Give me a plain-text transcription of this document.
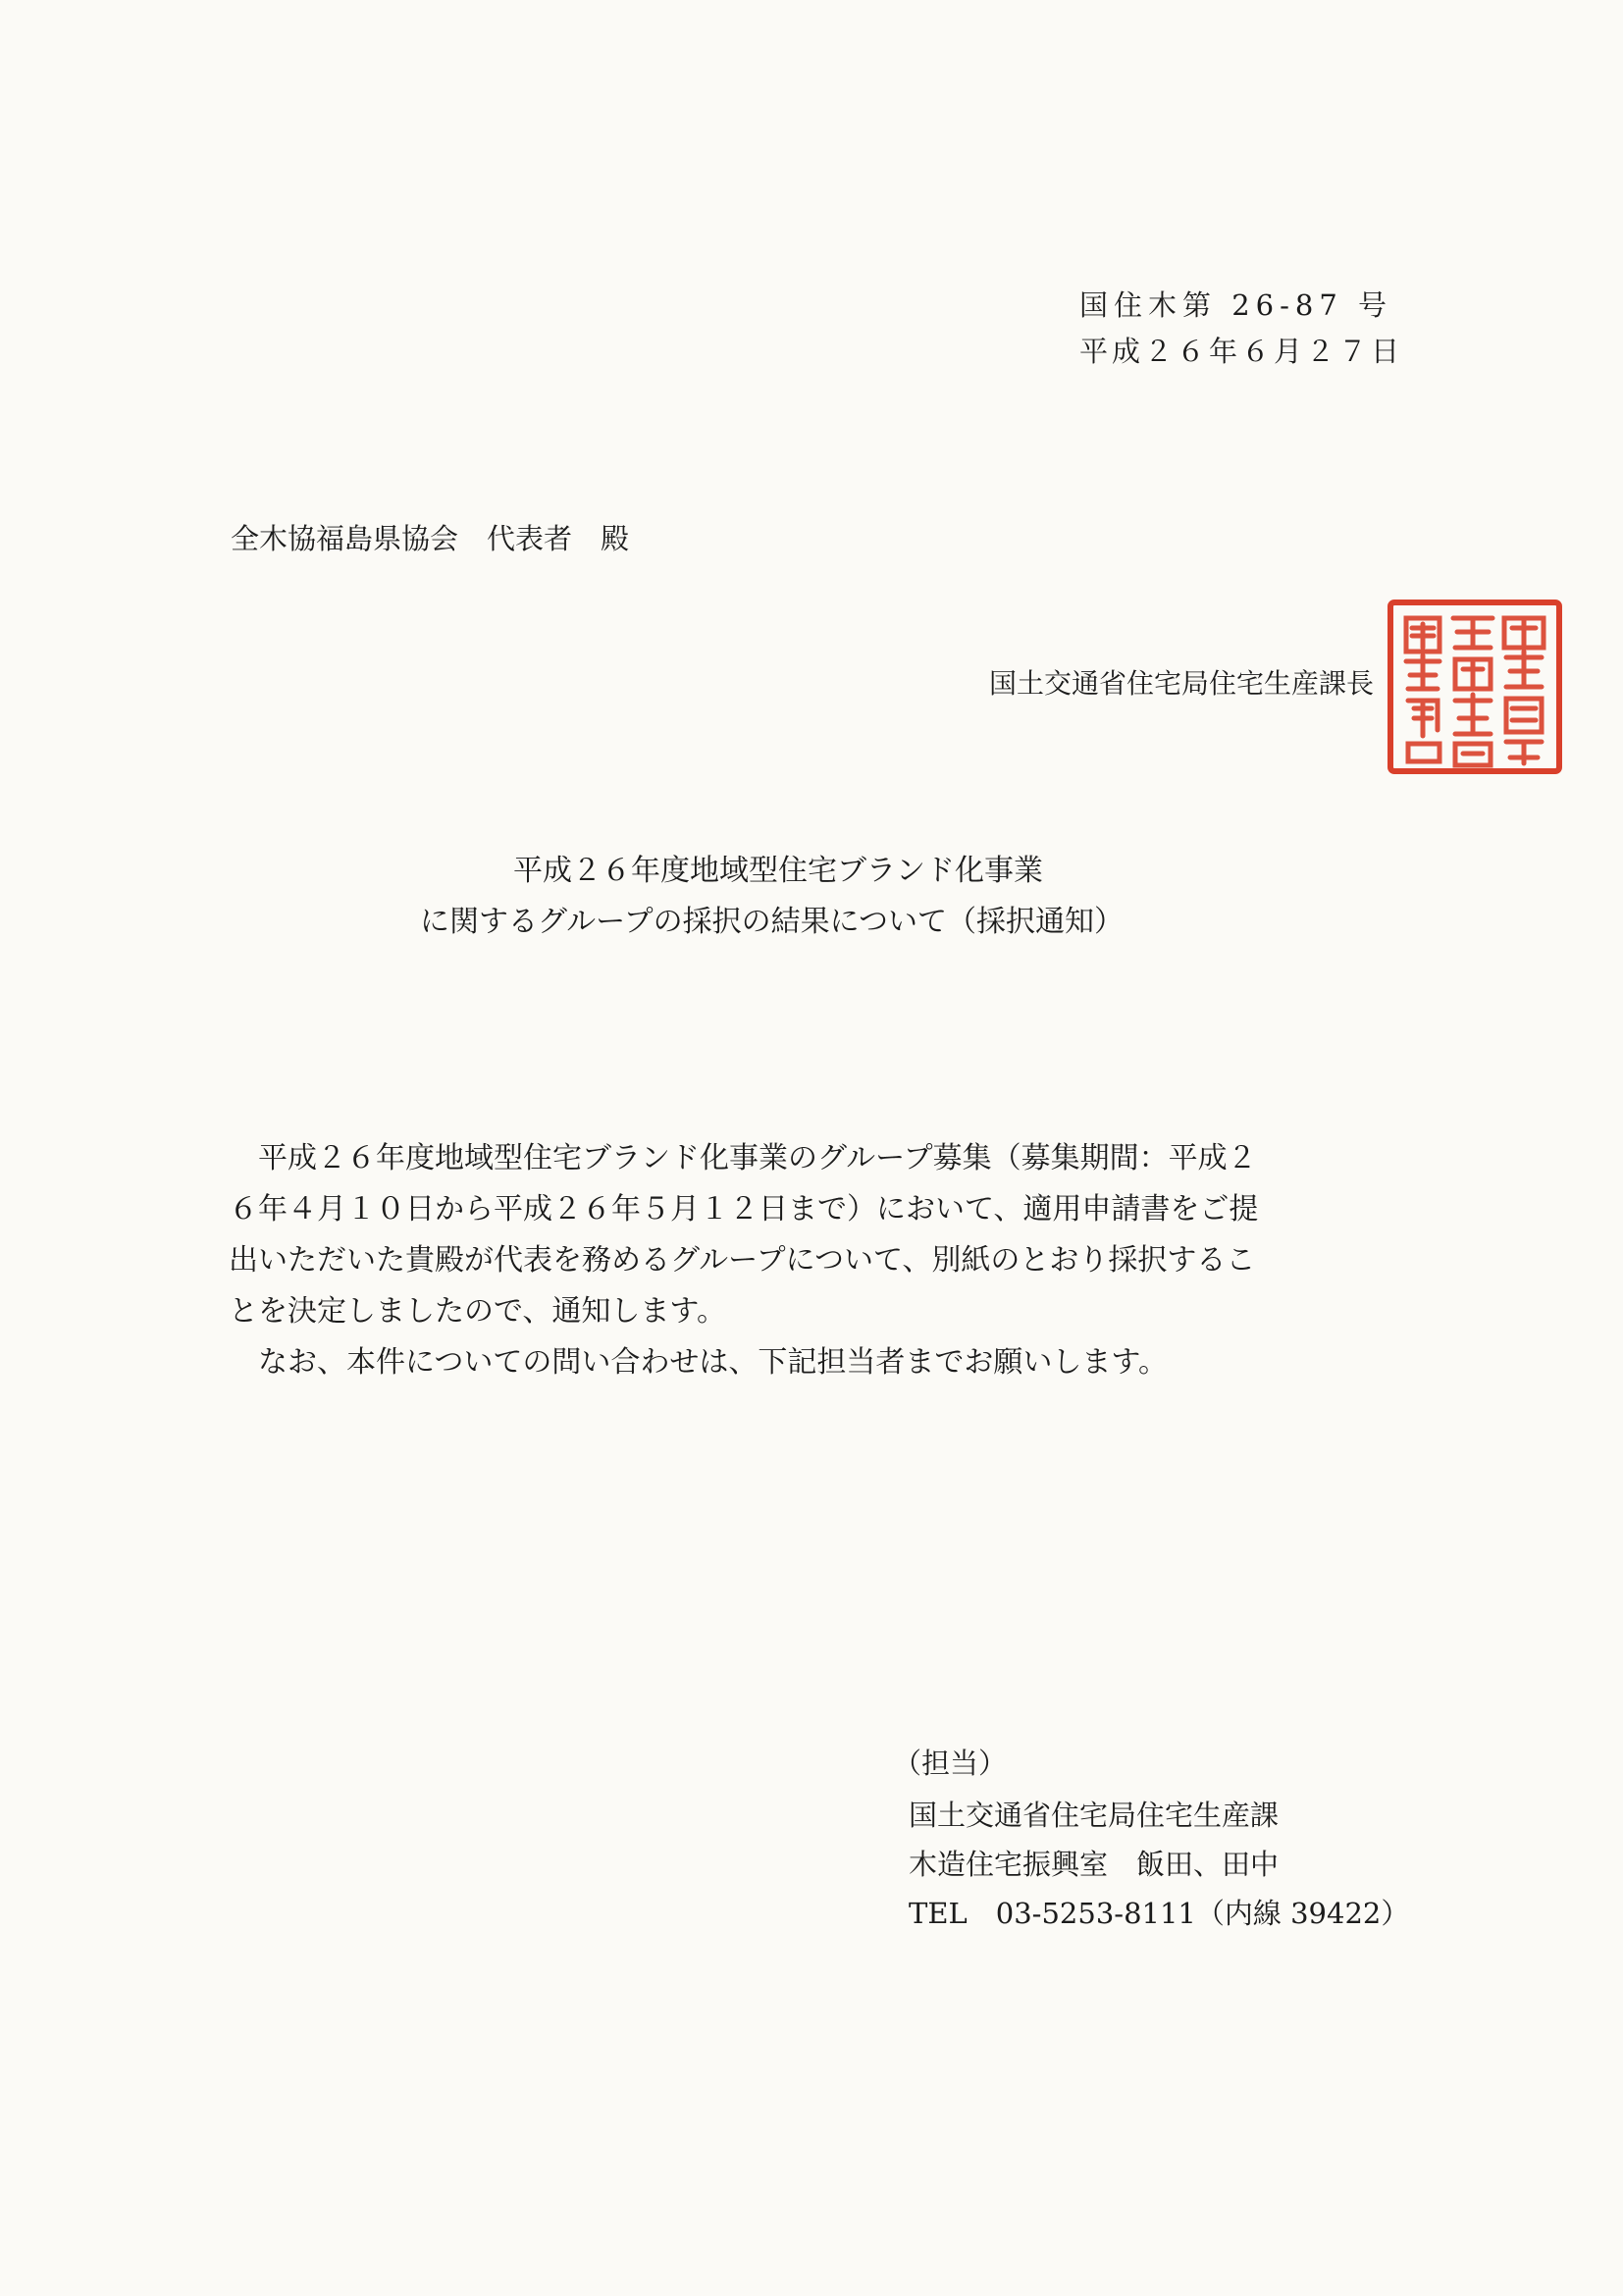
国住木第 26-87 号
平成２６年６月２７日
全木協福島県協会　代表者　殿
国土交通省住宅局住宅生産課長
平成２６年度地域型住宅ブランド化事業
に関するグループの採択の結果について（採択通知）
　平成２６年度地域型住宅ブランド化事業のグループ募集（募集期間：平成２
６年４月１０日から平成２６年５月１２日まで）において、適用申請書をご提
出いただいた貴殿が代表を務めるグループについて、別紙のとおり採択するこ
とを決定しましたので、通知します。
　なお、本件についての問い合わせは、下記担当者までお願いします。
（担当）
国土交通省住宅局住宅生産課
木造住宅振興室　飯田、田中
TEL　03-5253-8111（内線 39422）
